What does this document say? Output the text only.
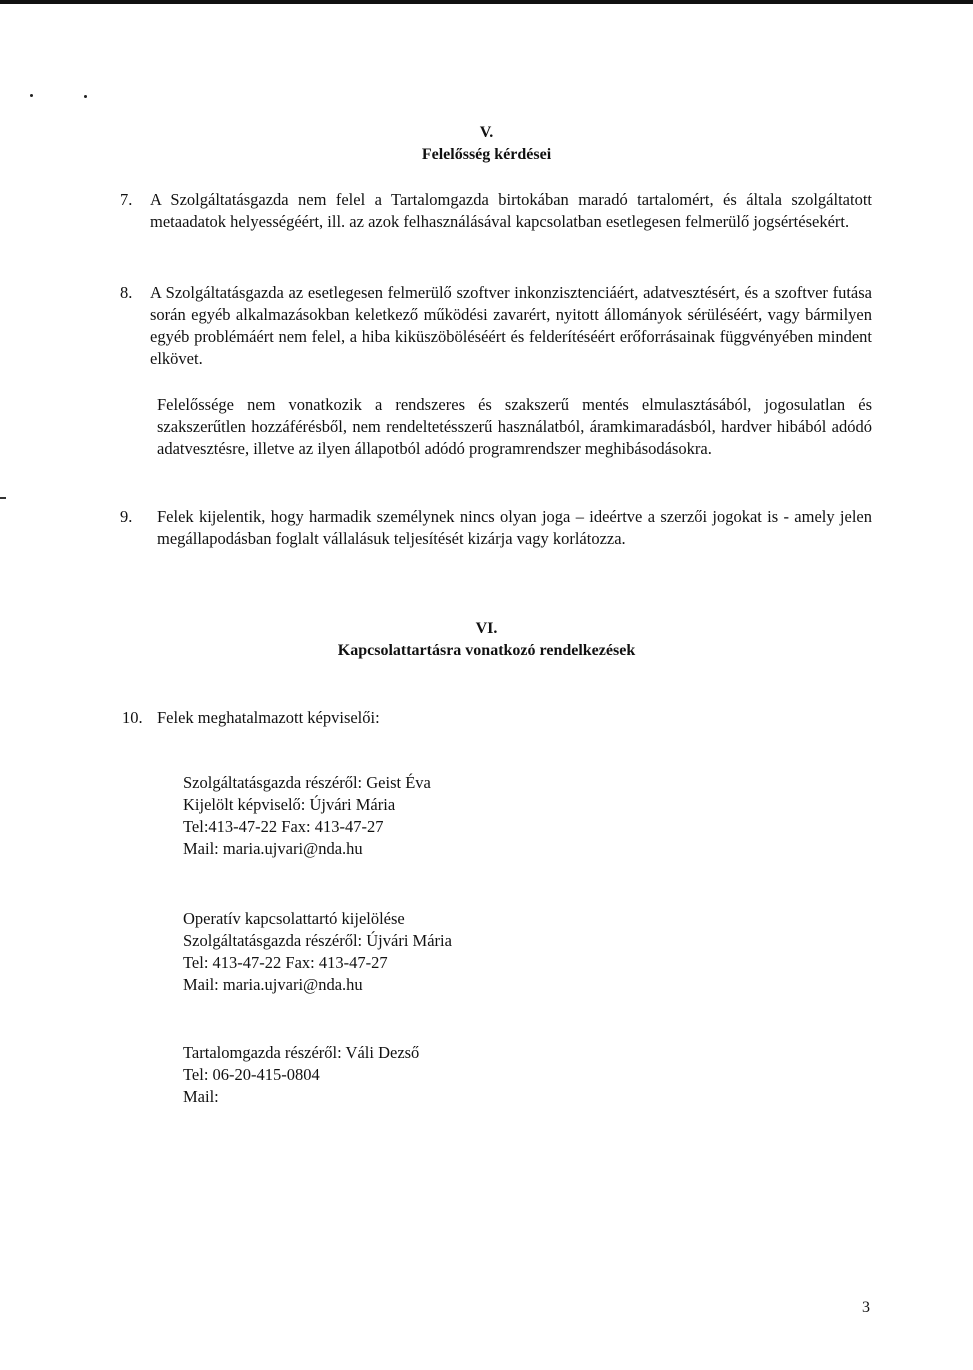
V.
Felelősség kérdései
7. A Szolgáltatásgazda nem felel a Tartalomgazda birtokában maradó tartalomért, és általa szolgáltatott metaadatok helyességéért, ill. az azok felhasználásával kapcsolatban esetlegesen felmerülő jogsértésekért.
8. A Szolgáltatásgazda az esetlegesen felmerülő szoftver inkonzisztenciáért, adatvesztésért, és a szoftver futása során egyéb alkalmazásokban keletkező működési zavarért, nyitott állományok sérüléséért, vagy bármilyen egyéb problémáért nem felel, a hiba kiküszöböléséért és felderítéséért erőforrásainak függvényében mindent elkövet.
Felelőssége nem vonatkozik a rendszeres és szakszerű mentés elmulasztásából, jogosulatlan és szakszerűtlen hozzáférésből, nem rendeltetésszerű használatból, áramkimaradásból, hardver hibából adódó adatvesztésre, illetve az ilyen állapotból adódó programrendszer meghibásodásokra.
9. Felek kijelentik, hogy harmadik személynek nincs olyan joga – ideértve a szerzői jogokat is - amely jelen megállapodásban foglalt vállalásuk teljesítését kizárja vagy korlátozza.
VI.
Kapcsolattartásra vonatkozó rendelkezések
10. Felek meghatalmazott képviselői:
Szolgáltatásgazda részéről: Geist Éva
Kijelölt képviselő: Újvári Mária
Tel:413-47-22 Fax: 413-47-27
Mail: maria.ujvari@nda.hu
Operatív kapcsolattartó kijelölése
Szolgáltatásgazda részéről: Újvári Mária
Tel: 413-47-22 Fax: 413-47-27
Mail: maria.ujvari@nda.hu
Tartalomgazda részéről: Váli Dezső
Tel: 06-20-415-0804
Mail:
3
